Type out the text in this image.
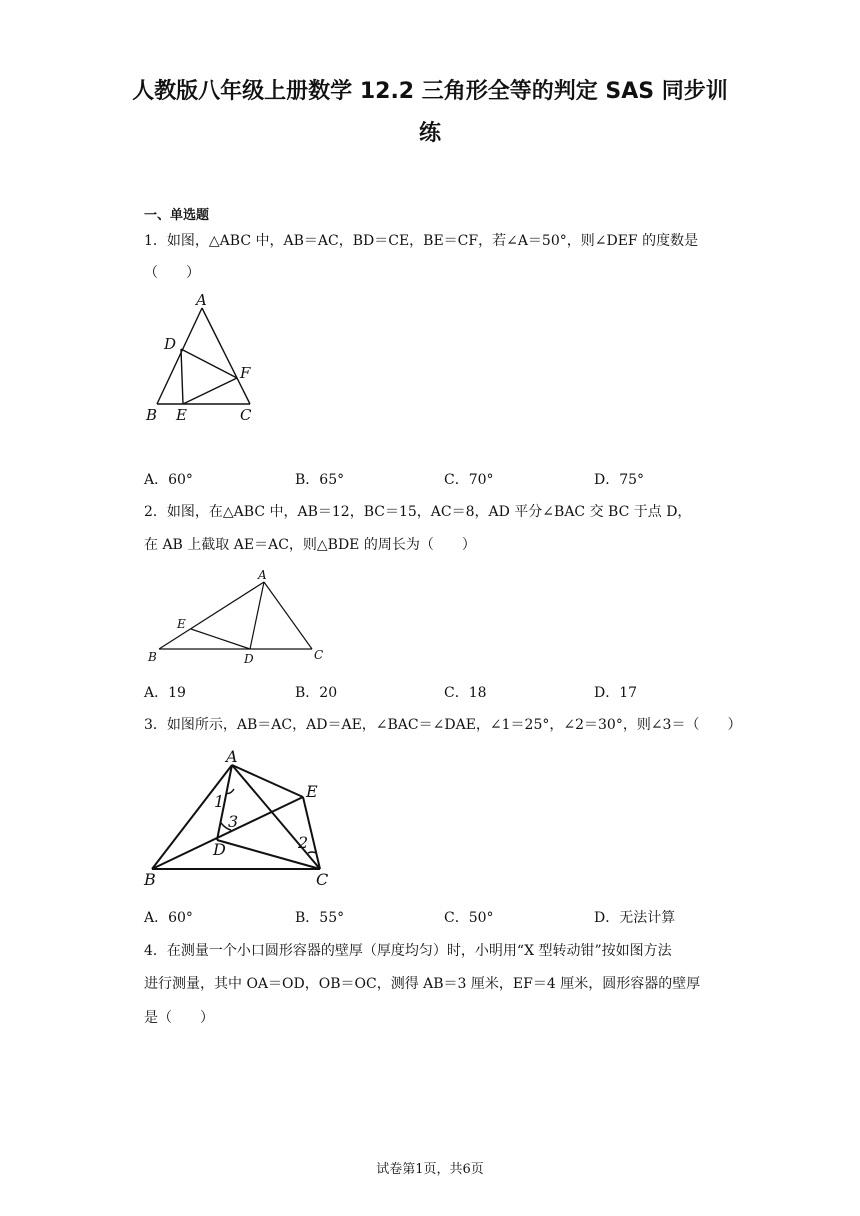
人教版八年级上册数学 12.2 三角形全等的判定 SAS 同步训
练
一、单选题
1．如图，△ABC 中，AB＝AC，BD＝CE，BE＝CF，若∠A＝50°，则∠DEF 的度数是
（　　）
A
D
F
B E	C
A．60°	B．65°	C．70°	D．75°
2．如图，在△ABC 中，AB＝12，BC＝15，AC＝8，AD 平分∠BAC 交 BC 于点 D，
在 AB 上截取 AE＝AC，则△BDE 的周长为（　　）
A
E
B	D	C
A．19	B．20	C．18	D．17
3．如图所示，AB＝AC，AD＝AE，∠BAC＝∠DAE，∠1＝25°，∠2＝30°，则∠3＝（　　）
A
E
D
B	C
1
3
2
A．60°	B．55°	C．50°	D．无法计算
4．在测量一个小口圆形容器的壁厚（厚度均匀）时，小明用“X 型转动钳”按如图方法
进行测量，其中 OA＝OD，OB＝OC，测得 AB＝3 厘米，EF＝4 厘米，圆形容器的壁厚
是（　　）
试卷第1页，共6页
